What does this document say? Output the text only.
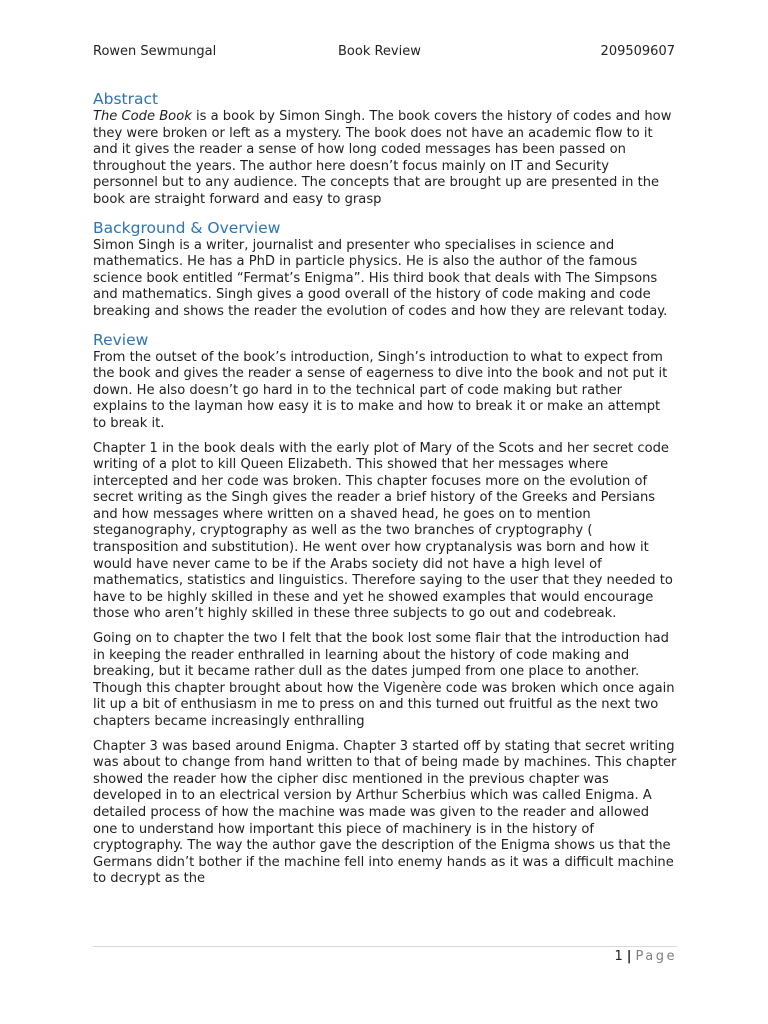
Rowen Sewmungal	Book Review	209509607
Abstract

The Code Book is a book by Simon Singh. The book covers the history of codes and how they were broken or left as a mystery. The book does not have an academic flow to it and it gives the reader a sense of how long coded messages has been passed on throughout the years. The author here doesn’t focus mainly on IT and Security personnel but to any audience. The concepts that are brought up are presented in the book are straight forward and easy to grasp

Background & Overview

Simon Singh is a writer, journalist and presenter who specialises in science and mathematics. He has a PhD in particle physics. He is also the author of the famous science book entitled “Fermat’s Enigma”. His third book that deals with The Simpsons and mathematics. Singh gives a good overall of the history of code making and code breaking and shows the reader the evolution of codes and how they are relevant today.

Review

From the outset of the book’s introduction, Singh’s introduction to what to expect from the book and gives the reader a sense of eagerness to dive into the book and not put it down. He also doesn’t go hard in to the technical part of code making but rather explains to the layman how easy it is to make and how to break it or make an attempt to break it.

Chapter 1 in the book deals with the early plot of Mary of the Scots and her secret code writing of a plot to kill Queen Elizabeth. This showed that her messages where intercepted and her code was broken. This chapter focuses more on the evolution of secret writing as the Singh gives the reader a brief history of the Greeks and Persians and how messages where written on a shaved head, he goes on to mention steganography, cryptography as well as the two branches of cryptography ( transposition and substitution). He went over how cryptanalysis was born and how it would have never came to be if the Arabs society did not have a high level of mathematics, statistics and linguistics. Therefore saying to the user that they needed to have to be highly skilled in these and yet he showed examples that would encourage those who aren’t highly skilled in these three subjects to go out and codebreak.

Going on to chapter the two I felt that the book lost some flair that the introduction had in keeping the reader enthralled in learning about the history of code making and breaking, but it became rather dull as the dates jumped from one place to another. Though this chapter brought about how the Vigenère code was broken which once again lit up a bit of enthusiasm in me to press on and this turned out fruitful as the next two chapters became increasingly enthralling

Chapter 3 was based around Enigma. Chapter 3 started off by stating that secret writing was about to change from hand written to that of being made by machines. This chapter showed the reader how the cipher disc mentioned in the previous chapter was developed in to an electrical version by Arthur Scherbius which was called Enigma. A detailed process of how the machine was made was given to the reader and allowed one to understand how important this piece of machinery is in the history of cryptography. The way the author gave the description of the Enigma shows us that the Germans didn’t bother if the machine fell into enemy hands as it was a difficult machine to decrypt as the

1 | Page
